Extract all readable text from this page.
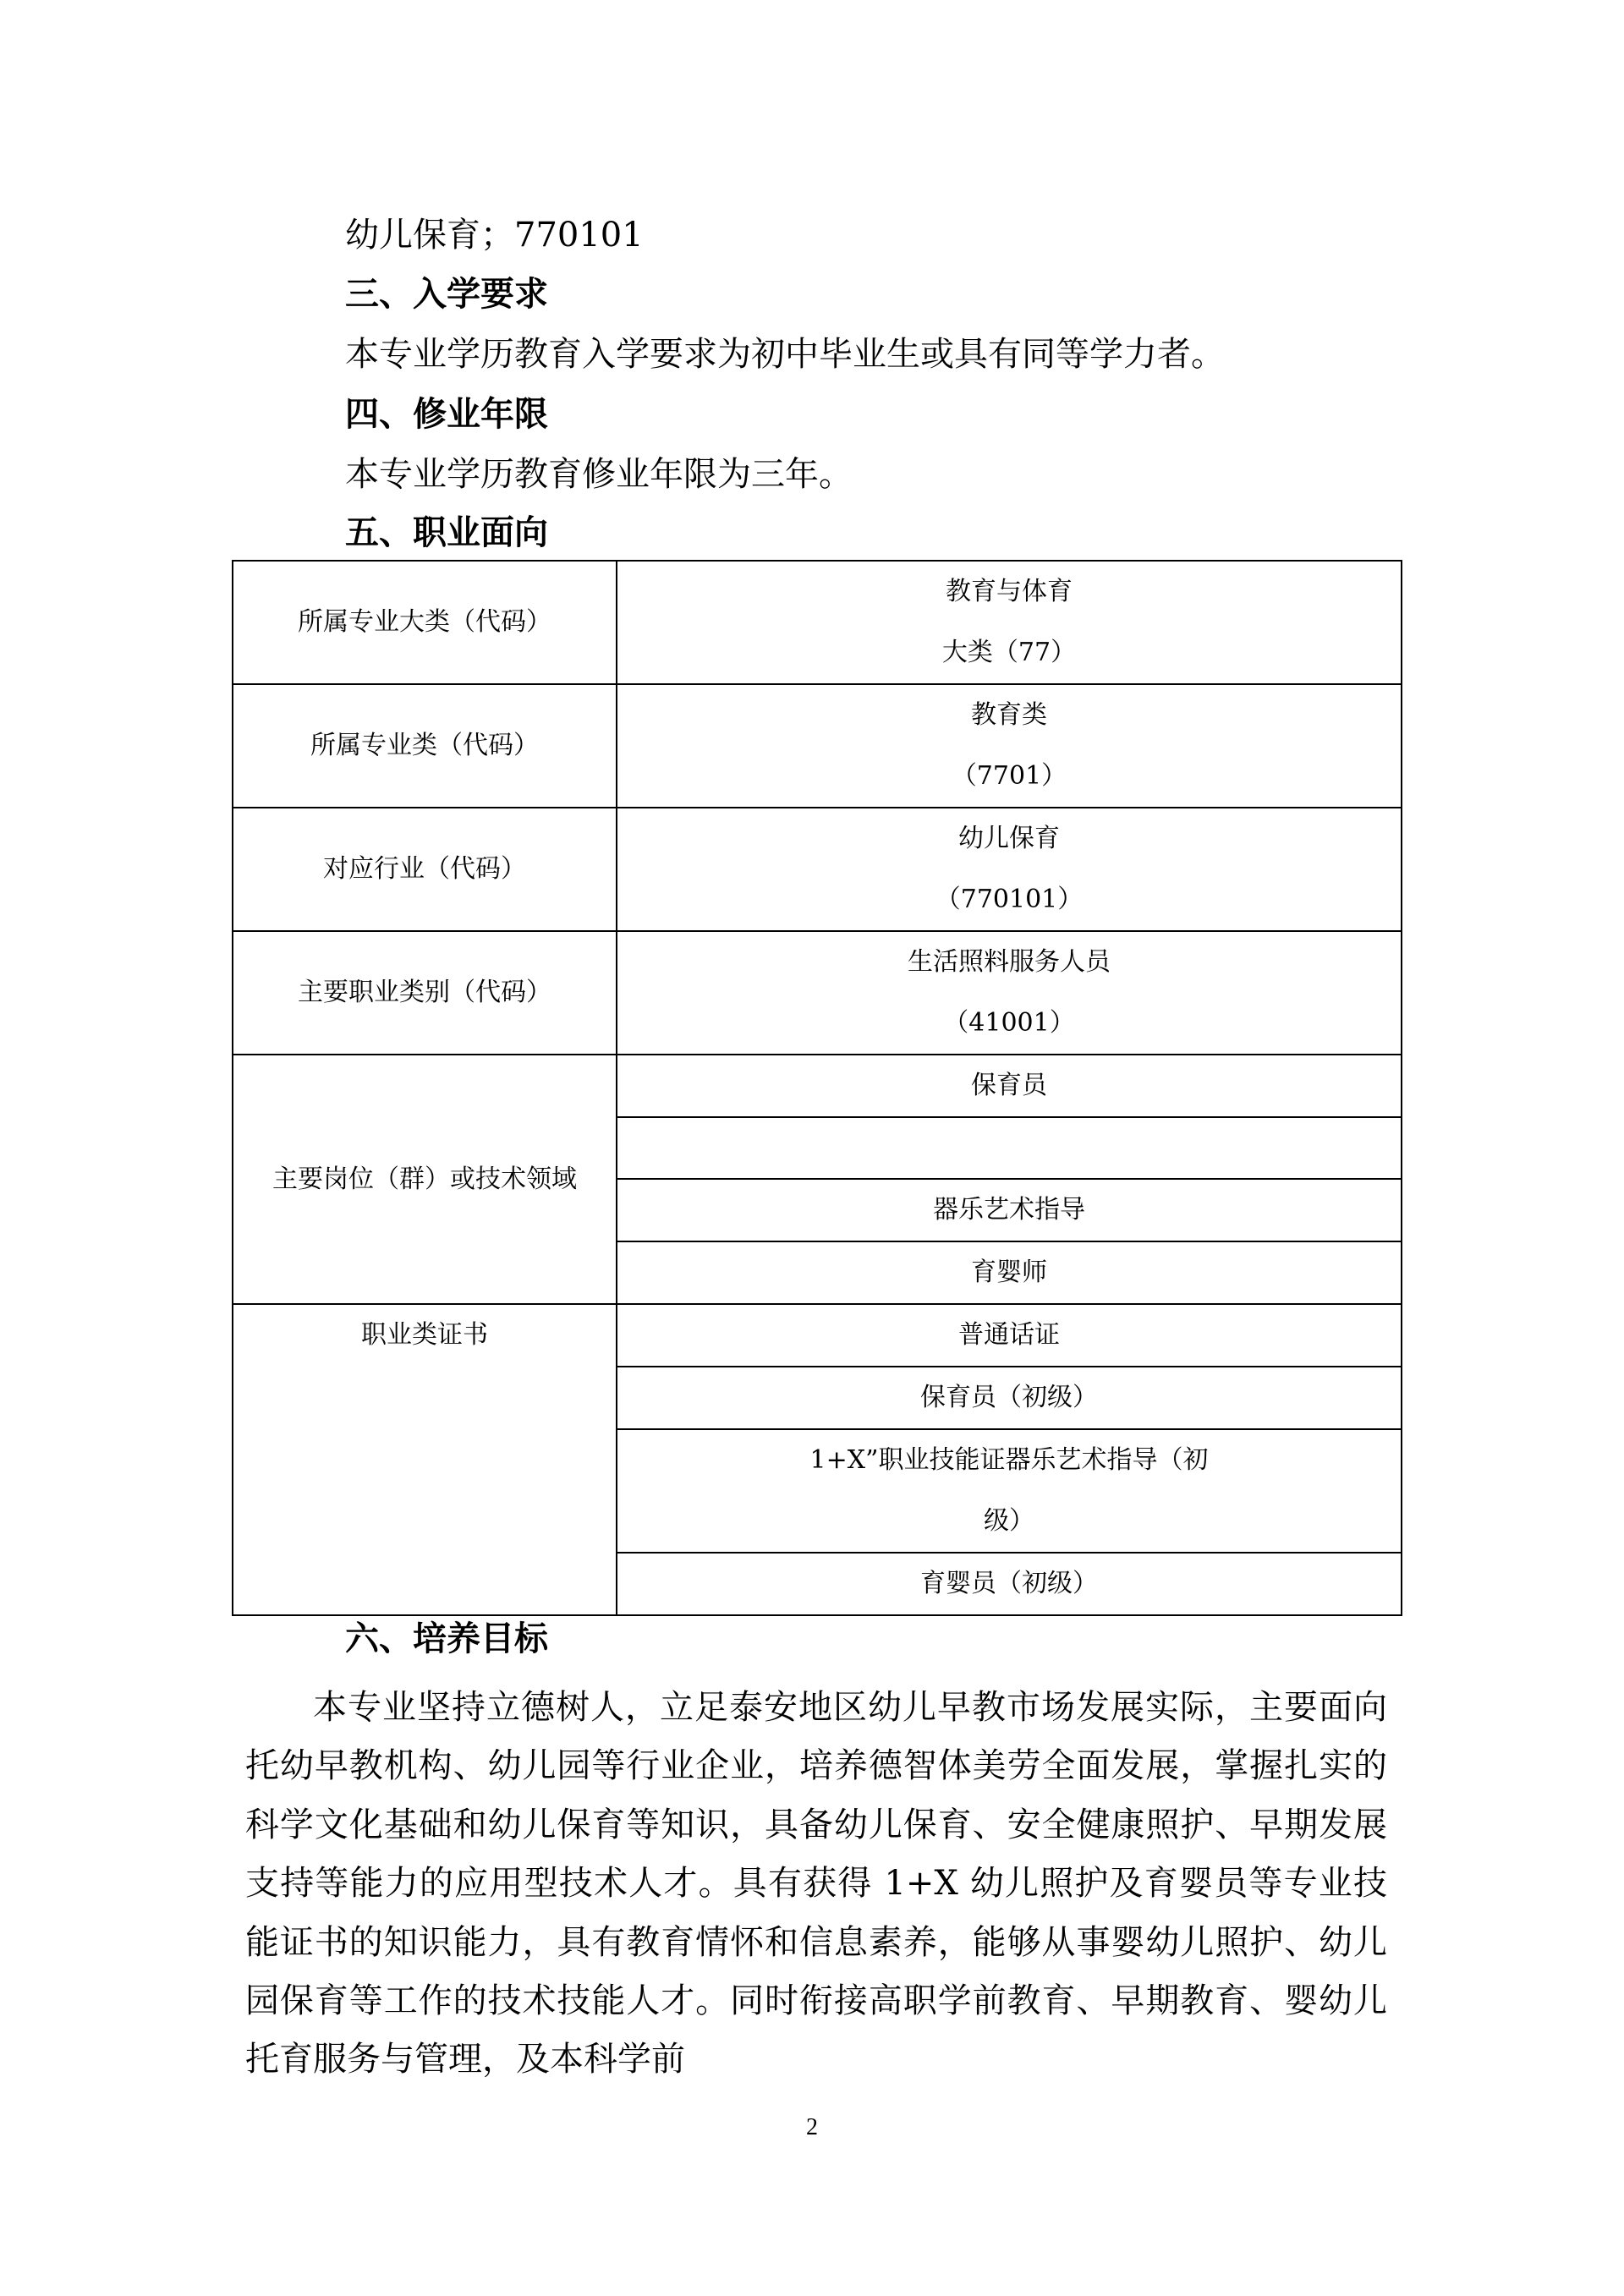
幼儿保育；770101
三、入学要求
本专业学历教育入学要求为初中毕业生或具有同等学力者。
四、修业年限
本专业学历教育修业年限为三年。
五、职业面向
所属专业大类（代码）	教育与体育
大类（77）

所属专业类（代码）	教育类
（7701）

对应行业（代码）	幼儿保育
（770101）

主要职业类别（代码）	生活照料服务人员
（41001）

主要岗位（群）或技术领域	保育员

	器乐艺术指导
	育婴师
职业类证书	普通话证
	保育员（初级）

	1+X”职业技能证器乐艺术指导（初
级）

	育婴员（初级）
六、培养目标
本专业坚持立德树人，立足泰安地区幼儿早教市场发展实际，主要面向托幼早教机构、幼儿园等行业企业，培养德智体美劳全面发展，掌握扎实的科学文化基础和幼儿保育等知识，具备幼儿保育、安全健康照护、早期发展支持等能力的应用型技术人才。具有获得 1+X 幼儿照护及育婴员等专业技能证书的知识能力，具有教育情怀和信息素养，能够从事婴幼儿照护、幼儿园保育等工作的技术技能人才。同时衔接高职学前教育、早期教育、婴幼儿托育服务与管理，及本科学前
2
